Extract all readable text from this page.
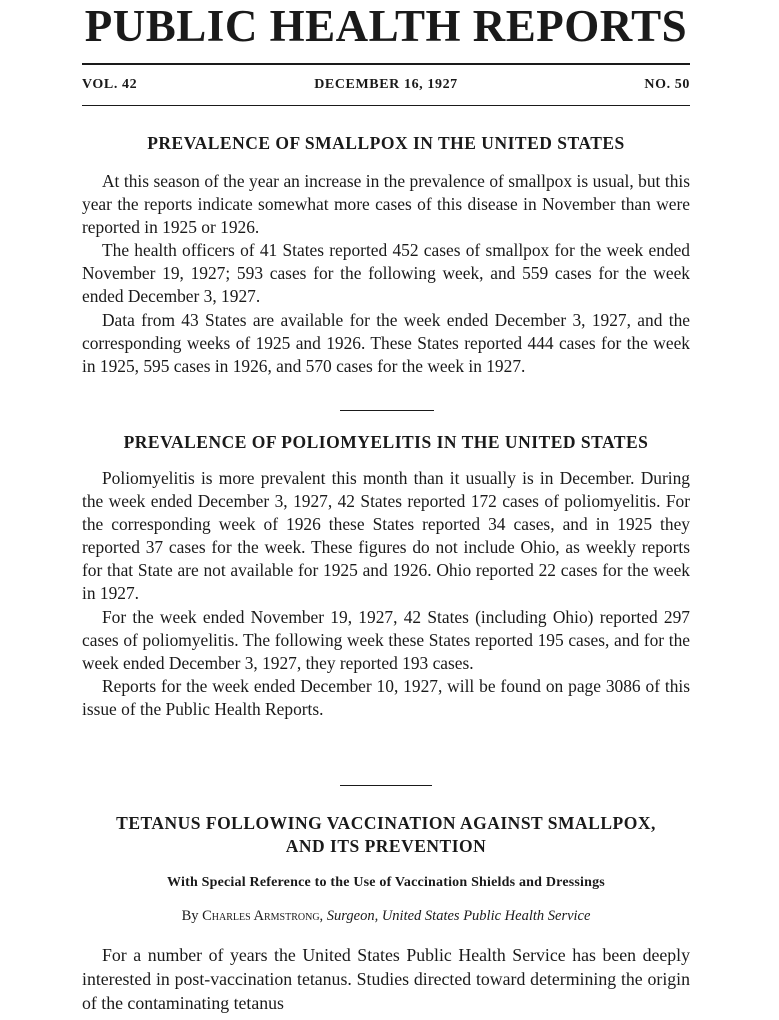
PUBLIC HEALTH REPORTS
VOL. 42	DECEMBER 16, 1927	NO. 50
PREVALENCE OF SMALLPOX IN THE UNITED STATES

At this season of the year an increase in the prevalence of smallpox is usual, but this year the reports indicate somewhat more cases of this disease in November than were reported in 1925 or 1926.

The health officers of 41 States reported 452 cases of smallpox for the week ended November 19, 1927; 593 cases for the following week, and 559 cases for the week ended December 3, 1927.

Data from 43 States are available for the week ended December 3, 1927, and the corresponding weeks of 1925 and 1926. These States reported 444 cases for the week in 1925, 595 cases in 1926, and 570 cases for the week in 1927.

PREVALENCE OF POLIOMYELITIS IN THE UNITED STATES

Poliomyelitis is more prevalent this month than it usually is in December. During the week ended December 3, 1927, 42 States reported 172 cases of poliomyelitis. For the corresponding week of 1926 these States reported 34 cases, and in 1925 they reported 37 cases for the week. These figures do not include Ohio, as weekly reports for that State are not available for 1925 and 1926. Ohio reported 22 cases for the week in 1927.

For the week ended November 19, 1927, 42 States (including Ohio) reported 297 cases of poliomyelitis. The following week these States reported 195 cases, and for the week ended December 3, 1927, they reported 193 cases.

Reports for the week ended December 10, 1927, will be found on page 3086 of this issue of the Public Health Reports.

TETANUS FOLLOWING VACCINATION AGAINST SMALLPOX,
AND ITS PREVENTION
With Special Reference to the Use of Vaccination Shields and Dressings
By Charles Armstrong, Surgeon, United States Public Health Service

For a number of years the United States Public Health Service has been deeply interested in post-vaccination tetanus. Studies directed toward determining the origin of the contaminating tetanus
